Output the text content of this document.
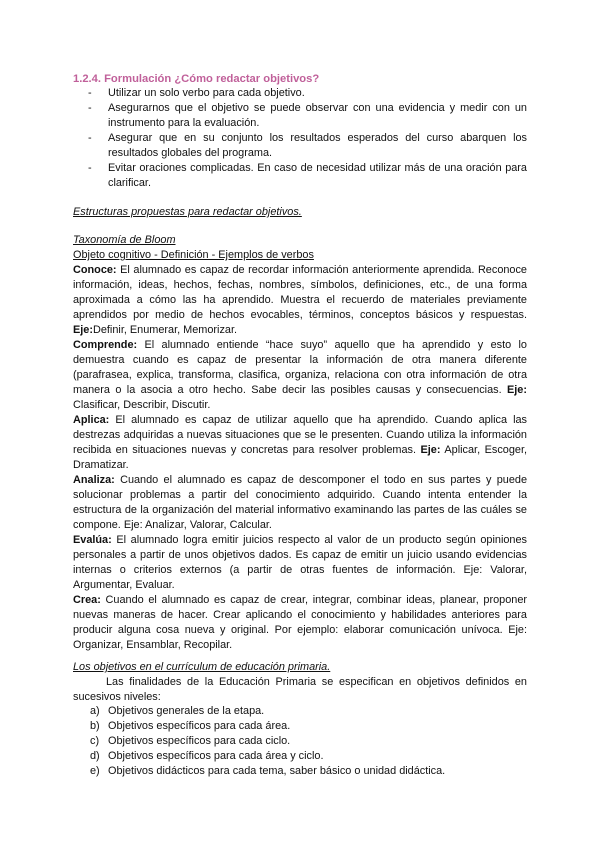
1.2.4. Formulación ¿Cómo redactar objetivos?
- Utilizar un solo verbo para cada objetivo.
- Asegurarnos que el objetivo se puede observar con una evidencia y medir con un instrumento para la evaluación.
- Asegurar que en su conjunto los resultados esperados del curso abarquen los resultados globales del programa.
- Evitar oraciones complicadas. En caso de necesidad utilizar más de una oración para clarificar.
Estructuras propuestas para redactar objetivos.
Taxonomía de Bloom
Objeto cognitivo - Definición - Ejemplos de verbos

Conoce: El alumnado es capaz de recordar información anteriormente aprendida. Reconoce información, ideas, hechos, fechas, nombres, símbolos, definiciones, etc., de una forma aproximada a cómo las ha aprendido. Muestra el recuerdo de materiales previamente aprendidos por medio de hechos evocables, términos, conceptos básicos y respuestas. Eje:Definir, Enumerar, Memorizar.

Comprende: El alumnado entiende “hace suyo” aquello que ha aprendido y esto lo demuestra cuando es capaz de presentar la información de otra manera diferente (parafrasea, explica, transforma, clasifica, organiza, relaciona con otra información de otra manera o la asocia a otro hecho. Sabe decir las posibles causas y consecuencias. Eje: Clasificar, Describir, Discutir.

Aplica: El alumnado es capaz de utilizar aquello que ha aprendido. Cuando aplica las destrezas adquiridas a nuevas situaciones que se le presenten. Cuando utiliza la información recibida en situaciones nuevas y concretas para resolver problemas. Eje: Aplicar, Escoger, Dramatizar.

Analiza: Cuando el alumnado es capaz de descomponer el todo en sus partes y puede solucionar problemas a partir del conocimiento adquirido. Cuando intenta entender la estructura de la organización del material informativo examinando las partes de las cuáles se compone. Eje: Analizar, Valorar, Calcular.

Evalúa: El alumnado logra emitir juicios respecto al valor de un producto según opiniones personales a partir de unos objetivos dados. Es capaz de emitir un juicio usando evidencias internas o criterios externos (a partir de otras fuentes de información. Eje: Valorar, Argumentar, Evaluar.

Crea: Cuando el alumnado es capaz de crear, integrar, combinar ideas, planear, proponer nuevas maneras de hacer. Crear aplicando el conocimiento y habilidades anteriores para producir alguna cosa nueva y original. Por ejemplo: elaborar comunicación unívoca. Eje: Organizar, Ensamblar, Recopilar.

Los objetivos en el currículum de educación primaria.
Las finalidades de la Educación Primaria se especifican en objetivos definidos en sucesivos niveles:
a) Objetivos generales de la etapa.
b) Objetivos específicos para cada área.
c) Objetivos específicos para cada ciclo.
d) Objetivos específicos para cada área y ciclo.
e) Objetivos didácticos para cada tema, saber básico o unidad didáctica.
